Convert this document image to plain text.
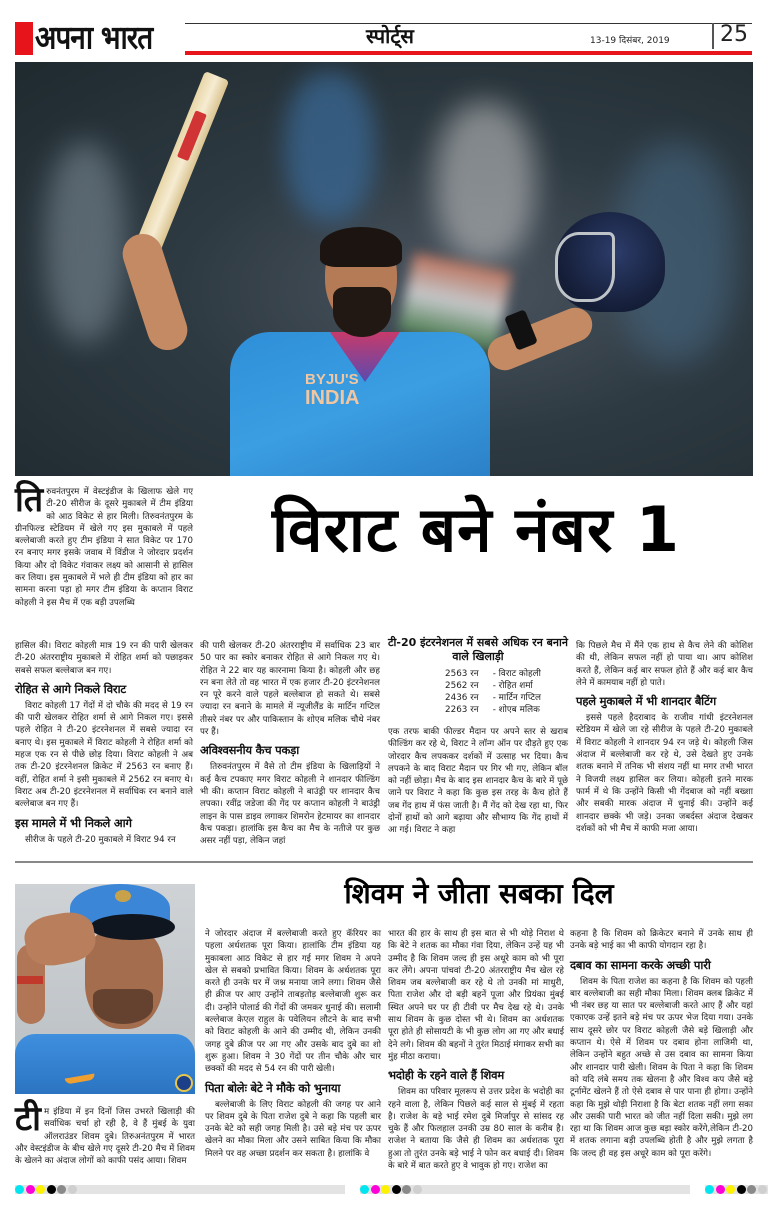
अपना भारत	स्पोर्ट्स	13-19 दिसंबर, 2019 25
BYJU'S
INDIA
ति रुवनंतपुरम में वेस्टइंडीज के खिलाफ खेले गए टी-20 सीरीज के दूसरे मुकाबले में टीम इंडिया को आठ विकेट से हार मिली। तिरुवनंतपुरम के ग्रीनफिल्ड स्टेडियम में खेले गए इस मुकाबले में पहले बल्लेबाजी करते हुए टीम इंडिया ने सात विकेट पर 170 रन बनाए मगर इसके जवाब में विंडीज ने जोरदार प्रदर्शन किया और दो विकेट गंवाकर लक्ष्य को आसानी से हासिल कर लिया। इस मुकाबले में भले ही टीम इंडिया को हार का सामना करना पड़ा हो मगर टीम इंडिया के कप्तान विराट कोहली ने इस मैच में एक बड़ी उपलब्धि
विराट बने नंबर 1

हासिल की। विराट कोहली मात्र 19 रन की पारी खेलकर टी-20 अंतरराष्ट्रीय मुकाबले में रोहित शर्मा को पछाड़कर सबसे सफल बल्लेबाज बन गए।

रोहित से आगे निकले विराट

विराट कोहली 17 गेंदों में दो चौके की मदद से 19 रन की पारी खेलकर रोहित शर्मा से आगे निकल गए। इससे पहले रोहित ने टी-20 इंटरनेशनल में सबसे ज्यादा रन बनाए थे। इस मुकाबले में विराट कोहली ने रोहित शर्मा को महज एक रन से पीछे छोड़ दिया। विराट कोहली ने अब तक टी-20 इंटरनेशनल क्रिकेट में 2563 रन बनाए हैं। वहीं, रोहित शर्मा ने इसी मुकाबले में 2562 रन बनाए थे। विराट अब टी-20 इंटरनेशनल में सर्वाधिक रन बनाने वाले बल्लेबाज बन गए हैं।

इस मामले में भी निकले आगे

सीरीज के पहले टी-20 मुकाबले में विराट 94 रन

की पारी खेलकर टी-20 अंतरराष्ट्रीय में सर्वाधिक 23 बार 50 पार का स्कोर बनाकर रोहित से आगे निकल गए थे। रोहित ने 22 बार यह कारनामा किया है। कोहली और छह रन बना लेते तो वह भारत में एक हजार टी-20 इंटरनेशनल रन पूरे करने वाले पहले बल्लेबाज हो सकते थे। सबसे ज्यादा रन बनाने के मामले में न्यूजीलैंड के मार्टिन गप्टिल तीसरे नंबर पर और पाकिस्तान के शोएब मलिक चौथे नंबर पर हैं।

अविश्वसनीय कैच पकड़ा

तिरुवनंतपुरम में वैसे तो टीम इंडिया के खिलाड़ियों ने कई कैच टपकाए मगर विराट कोहली ने शानदार फील्डिंग भी की। कप्तान विराट कोहली ने बाउंड्री पर शानदार कैच लपका। रवींद्र जडेजा की गेंद पर कप्तान कोहली ने बाउंड्री लाइन के पास डाइव लगाकर शिमरोन हेटमायर का शानदार कैच पकड़ा। हालांकि इस कैच का मैच के नतीजे पर कुछ असर नहीं पड़ा, लेकिन जहां

टी-20 इंटरनेशनल में सबसे अधिक रन बनाने वाले खिलाड़ी
2563 रन	- विराट कोहली
2562 रन	- रोहित शर्मा
2436 रन	- मार्टिन गप्टिल
2263 रन	- शोएब मलिक

एक तरफ बाकी फील्डर मैदान पर अपने स्तर से खराब फील्डिंग कर रहे थे, विराट ने लॉन्ग ऑन पर दौड़ते हुए एक जोरदार कैच लपककर दर्शकों में उत्साह भर दिया। कैच लपकने के बाद विराट मैदान पर गिर भी गए, लेकिन बॉल को नहीं छोड़ा। मैच के बाद इस शानदार कैच के बारे में पूछे जाने पर विराट ने कहा कि कुछ इस तरह के कैच होते हैं जब गेंद हाथ में फंस जाती है। मैं गेंद को देख रहा था, फिर दोनों हाथों को आगे बढ़ाया और सौभाग्य कि गेंद हाथों में आ गई। विराट ने कहा

कि पिछले मैच में मैंने एक हाथ से कैच लेने की कोशिश की थी, लेकिन सफल नहीं हो पाया था। आप कोशिश करते हैं, लेकिन कई बार सफल होते हैं और कई बार कैच लेने में कामयाब नहीं हो पाते।

पहले मुकाबले में भी शानदार बैटिंग

इससे पहले हैदराबाद के राजीव गांधी इंटरनेशनल स्टेडियम में खेले जा रहे सीरीज के पहले टी-20 मुकाबले में विराट कोहली ने शानदार 94 रन जड़े थे। कोहली जिस अंदाज में बल्लेबाजी कर रहे थे, उसे देखते हुए उनके शतक बनाने में तनिक भी संशय नहीं था मगर तभी भारत ने विजयी लक्ष्य हासिल कर लिया। कोहली इतने मारक फार्म में थे कि उन्होंने किसी भी गेंदबाज को नहीं बख्शा और सबकी मारक अंदाज में धुनाई की। उन्होंने कई शानदार छक्के भी जड़े। उनका जबर्दस्त अंदाज देखकर दर्शकों को भी मैच में काफी मजा आया।

शिवम ने जीता सबका दिल
टी म इंडिया में इन दिनों जिस उभरते खिलाड़ी की सर्वाधिक चर्चा हो रही है, वे हैं मुंबई के युवा ऑलराउंडर शिवम दुबे। तिरुअनंतपुरम में भारत और वेस्टइंडीज के बीच खेले गए दूसरे टी-20 मैच में शिवम के खेलने का अंदाज लोगों को काफी पसंद आया। शिवम

ने जोरदार अंदाज में बल्लेबाजी करते हुए कॅरियर का पहला अर्धशतक पूरा किया। हालांकि टीम इंडिया यह मुकाबला आठ विकेट से हार गई मगर शिवम ने अपने खेल से सबको प्रभावित किया। शिवम के अर्धशतक पूरा करते ही उनके घर में जश्न मनाया जाने लगा। शिवम जैसे ही क्रीज पर आए उन्होंने ताबड़तोड़ बल्लेबाजी शुरू कर दी। उन्होंने पोलार्ड की गेंदों की जमकर धुनाई की। सलामी बल्लेबाज केएल राहुल के पवेलियन लौटने के बाद सभी को विराट कोहली के आने की उम्मीद थी, लेकिन उनकी जगह दुबे क्रीज पर आ गए और उसके बाद दुबे का शो शुरू हुआ। शिवम ने 30 गेंदों पर तीन चौके और चार छक्कों की मदद से 54 रन की पारी खेली।

पिता बोलेः बेटे ने मौके को भुनाया

बल्लेबाजी के लिए विराट कोहली की जगह पर आने पर शिवम दुबे के पिता राजेश दुबे ने कहा कि पहली बार उनके बेटे को सही जगह मिली है। उसे बड़े मंच पर ऊपर खेलने का मौका मिला और उसने साबित किया कि मौका मिलने पर वह अच्छा प्रदर्शन कर सकता है। हालांकि वे

भारत की हार के साथ ही इस बात से भी थोड़े निराश थे कि बेटे ने शतक का मौका गंवा दिया, लेकिन उन्हें यह भी उम्मीद है कि शिवम जल्द ही इस अधूरे काम को भी पूरा कर लेंगे। अपना पांचवां टी-20 अंतरराष्ट्रीय मैच खेल रहे शिवम जब बल्लेबाजी कर रहे थे तो उनकी मां माधुरी, पिता राजेश और दो बड़ी बहनें पूजा और प्रियंका मुंबई स्थित अपने घर पर ही टीवी पर मैच देख रहे थे। उनके साथ शिवम के कुछ दोस्त भी थे। शिवम का अर्धशतक पूरा होते ही सोसायटी के भी कुछ लोग आ गए और बधाई देने लगे। शिवम की बहनों ने तुरंत मिठाई मंगाकर सभी का मुंह मीठा कराया।

भदोही के रहने वाले हैं शिवम

शिवम का परिवार मूलरूप से उत्तर प्रदेश के भदोही का रहने वाला है, लेकिन पिछले कई साल से मुंबई में रहता है। राजेश के बड़े भाई रमेश दुबे मिर्जापुर से सांसद रह चुके हैं और फिलहाल उनकी उम्र 80 साल के करीब है। राजेश ने बताया कि जैसे ही शिवम का अर्धशतक पूरा हुआ तो तुरंत उनके बड़े भाई ने फोन कर बधाई दी। शिवम के बारे में बात करते हुए वे भावुक हो गए। राजेश का

कहना है कि शिवम को क्रिकेटर बनाने में उनके साथ ही उनके बड़े भाई का भी काफी योगदान रहा है।

दबाव का सामना करके अच्छी पारी

शिवम के पिता राजेश का कहना है कि शिवम को पहली बार बल्लेबाजी का सही मौका मिला। शिवम क्लब क्रिकेट में भी नंबर छह या सात पर बल्लेबाजी करते आए हैं और यहां एकाएक उन्हें इतने बड़े मंच पर ऊपर भेज दिया गया। उनके साथ दूसरे छोर पर विराट कोहली जैसे बड़े खिलाड़ी और कप्तान थे। ऐसे में शिवम पर दबाव होना लाजिमी था, लेकिन उन्होंने बहुत अच्छे से उस दबाव का सामना किया और शानदार पारी खेली। शिवम के पिता ने कहा कि शिवम को यदि लंबे समय तक खेलना है और विश्व कप जैसे बड़े टूर्नामेंट खेलने हैं तो ऐसे दबाव से पार पाना ही होगा। उन्होंने कहा कि मुझे थोड़ी निराशा है कि बेटा शतक नहीं लगा सका और उसकी पारी भारत को जीत नहीं दिला सकी। मुझे लग रहा था कि शिवम आज कुछ बड़ा स्कोर करेंगे,लेकिन टी-20 में शतक लगाना बड़ी उपलब्धि होती है और मुझे लगता है कि जल्द ही वह इस अधूरे काम को पूरा करेंगे।
